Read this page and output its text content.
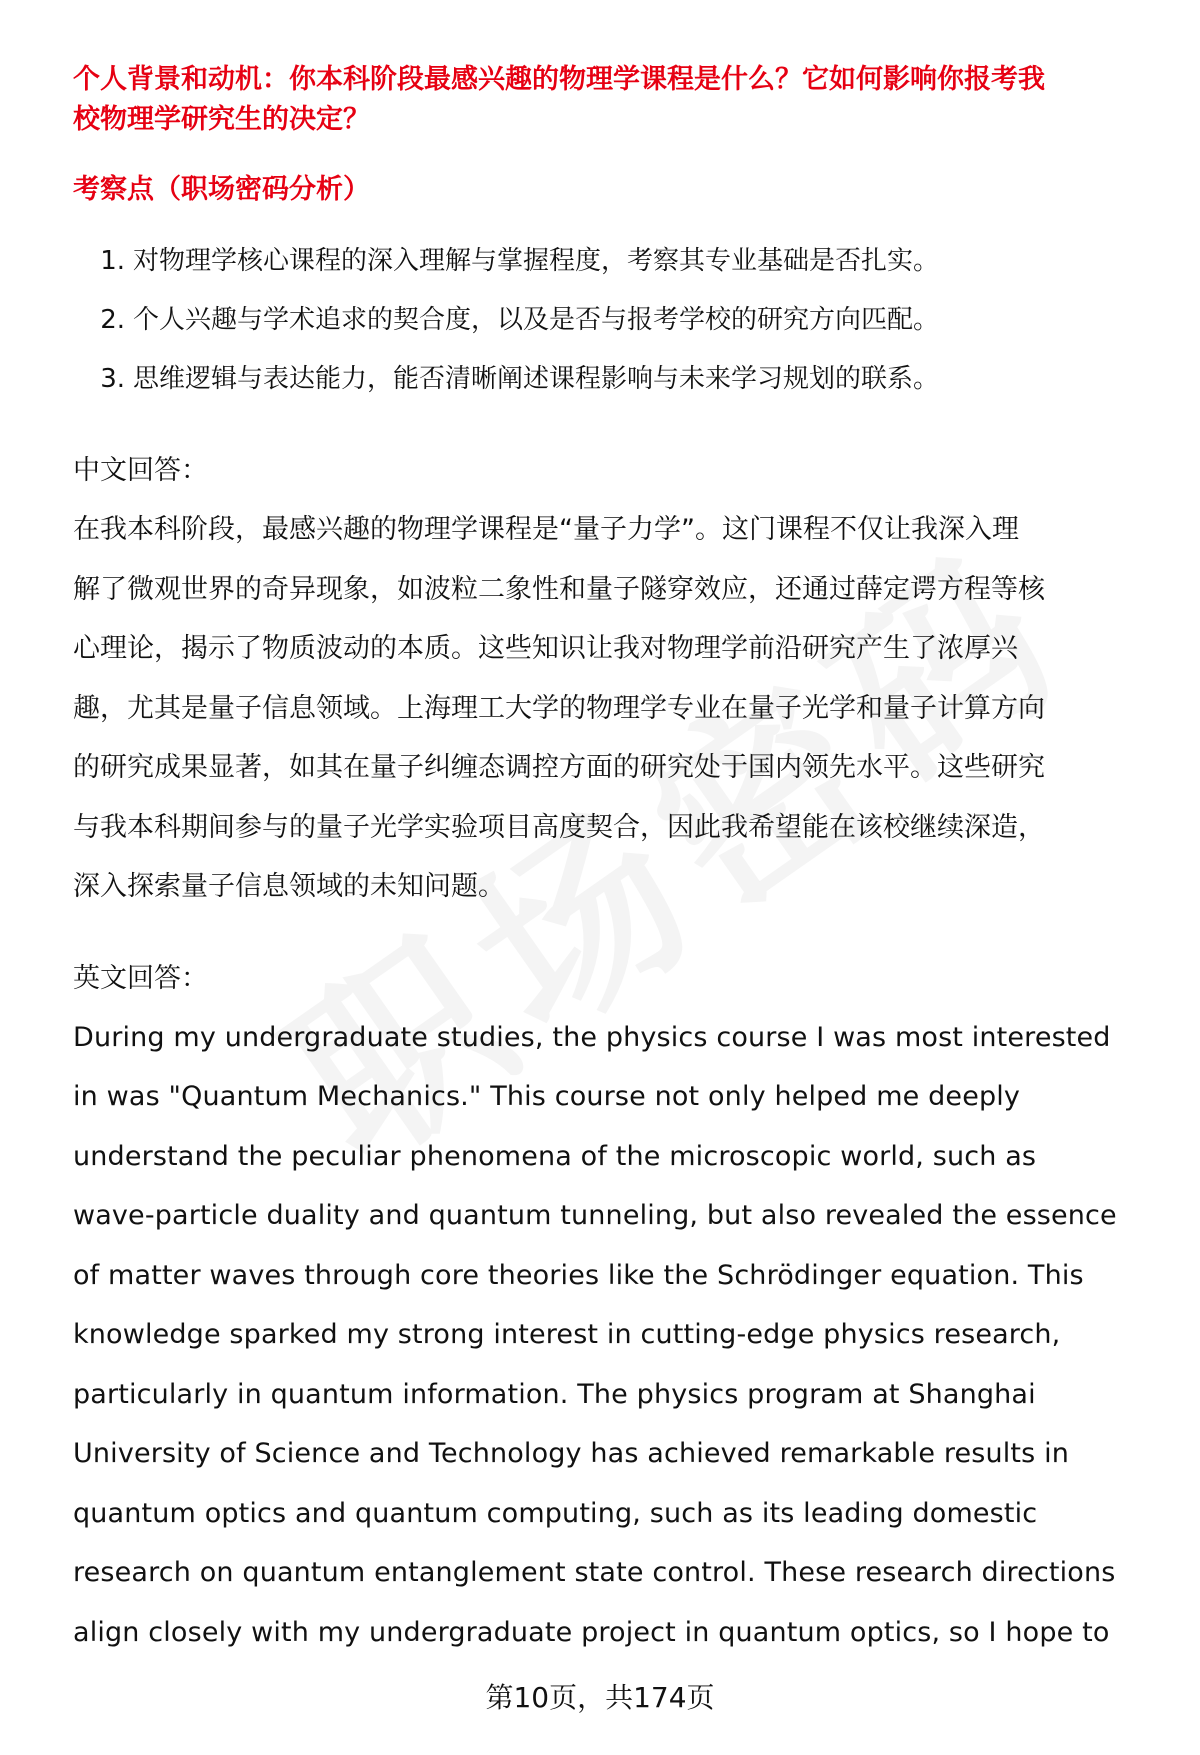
个人背景和动机：你本科阶段最感兴趣的物理学课程是什么？它如何影响你报考我
校物理学研究生的决定？
考察点（职场密码分析）
1. 对物理学核心课程的深入理解与掌握程度，考察其专业基础是否扎实。
2. 个人兴趣与学术追求的契合度，以及是否与报考学校的研究方向匹配。
3. 思维逻辑与表达能力，能否清晰阐述课程影响与未来学习规划的联系。
中文回答：
在我本科阶段，最感兴趣的物理学课程是“量子力学”。这门课程不仅让我深入理
解了微观世界的奇异现象，如波粒二象性和量子隧穿效应，还通过薛定谔方程等核
心理论，揭示了物质波动的本质。这些知识让我对物理学前沿研究产生了浓厚兴
趣，尤其是量子信息领域。上海理工大学的物理学专业在量子光学和量子计算方向
的研究成果显著，如其在量子纠缠态调控方面的研究处于国内领先水平。这些研究
与我本科期间参与的量子光学实验项目高度契合，因此我希望能在该校继续深造，
深入探索量子信息领域的未知问题。
英文回答：
During my undergraduate studies, the physics course I was most interested
in was "Quantum Mechanics." This course not only helped me deeply
understand the peculiar phenomena of the microscopic world, such as
wave-particle duality and quantum tunneling, but also revealed the essence
of matter waves through core theories like the Schrödinger equation. This
knowledge sparked my strong interest in cutting-edge physics research,
particularly in quantum information. The physics program at Shanghai
University of Science and Technology has achieved remarkable results in
quantum optics and quantum computing, such as its leading domestic
research on quantum entanglement state control. These research directions
align closely with my undergraduate project in quantum optics, so I hope to
第10页，共174页
